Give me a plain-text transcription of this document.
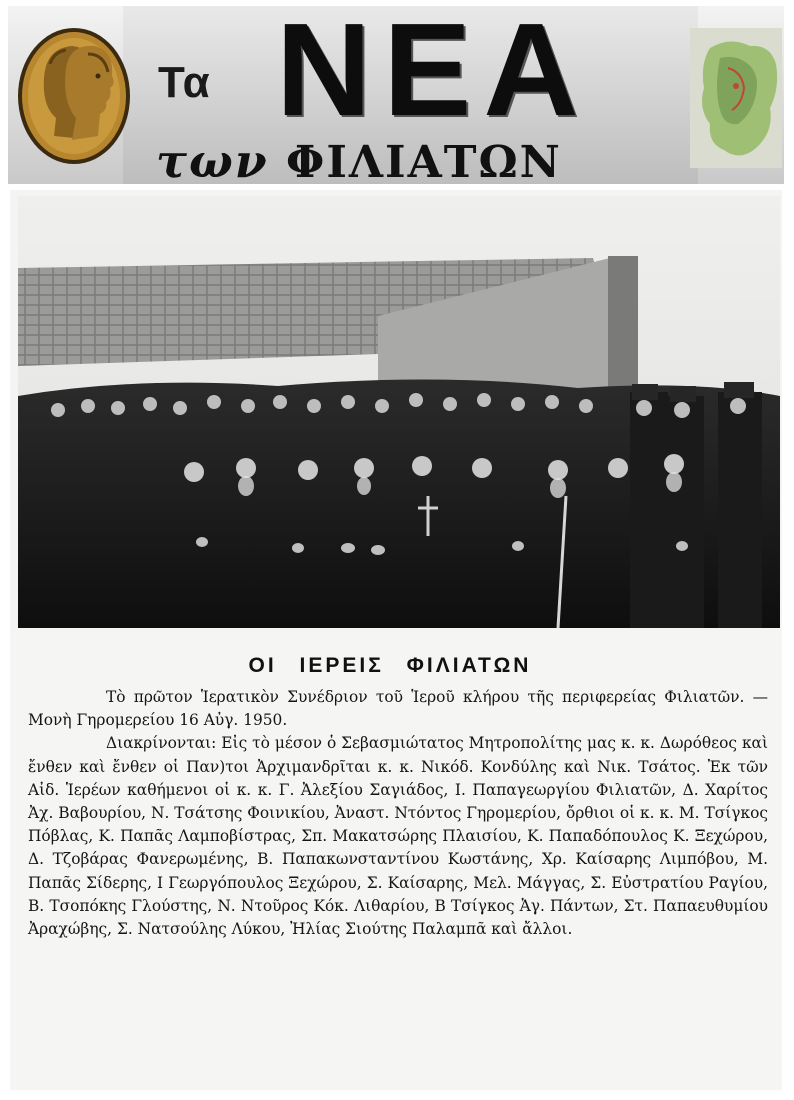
Τα ΝΕΑ
των ΦΙΛΙΑΤΩΝ
ΟΙ ΙΕΡΕΙΣ ΦΙΛΙΑΤΩΝ

Τὸ πρῶτον Ἱερατικὸν Συνέδριον τοῦ Ἱεροῦ κλήρου τῆς περιφερείας Φιλιατῶν. —Μονὴ Γηρομερείου 16 Αὐγ. 1950.

Διακρίνονται: Εἰς τὸ μέσον ὁ Σεβασμιώτατος Μητροπολίτης μας κ. κ. Δωρόθεος καὶ ἔνθεν καὶ ἔνθεν οἱ Παν)τοι Ἀρχιμανδρῖται κ. κ. Νικόδ. Κονδύλης καὶ Νικ. Τσάτος. Ἐκ τῶν Αἰδ. Ἱερέων καθήμενοι οἱ κ. κ. Γ. Ἀλεξίου Σαγιάδος, Ι. Παπαγεωργίου Φιλιατῶν, Δ. Χαρίτος Ἀχ. Βαβουρίου, Ν. Τσάτσης Φοινικίου, Ἀναστ. Ντόντος Γηρομερίου, ὄρθιοι οἱ κ. κ. Μ. Τσίγκος Πόβλας, Κ. Παπᾶς Λαμποβίστρας, Σπ. Μακατσώρης Πλαισίου, Κ. Παπαδόπουλος Κ. Ξεχώρου, Δ. Τζοβάρας Φανερωμένης, Β. Παπακωνσταντίνου Κωστάνης, Χρ. Καίσαρης Λιμπόβου, Μ. Παπᾶς Σίδερης, Ι Γεωργόπουλος Ξεχώρου, Σ. Καίσαρης, Μελ. Μάγγας, Σ. Εὐστρατίου Ραγίου, Β. Τσοπόκης Γλούστης, Ν. Ντοῦρος Κόκ. Λιθαρίου, Β Τσίγκος Ἀγ. Πάντων, Στ. Παπαευθυμίου Ἀραχώβης, Σ. Νατσούλης Λύκου, Ἠλίας Σιούτης Παλαμπᾶ καὶ ἄλλοι.
